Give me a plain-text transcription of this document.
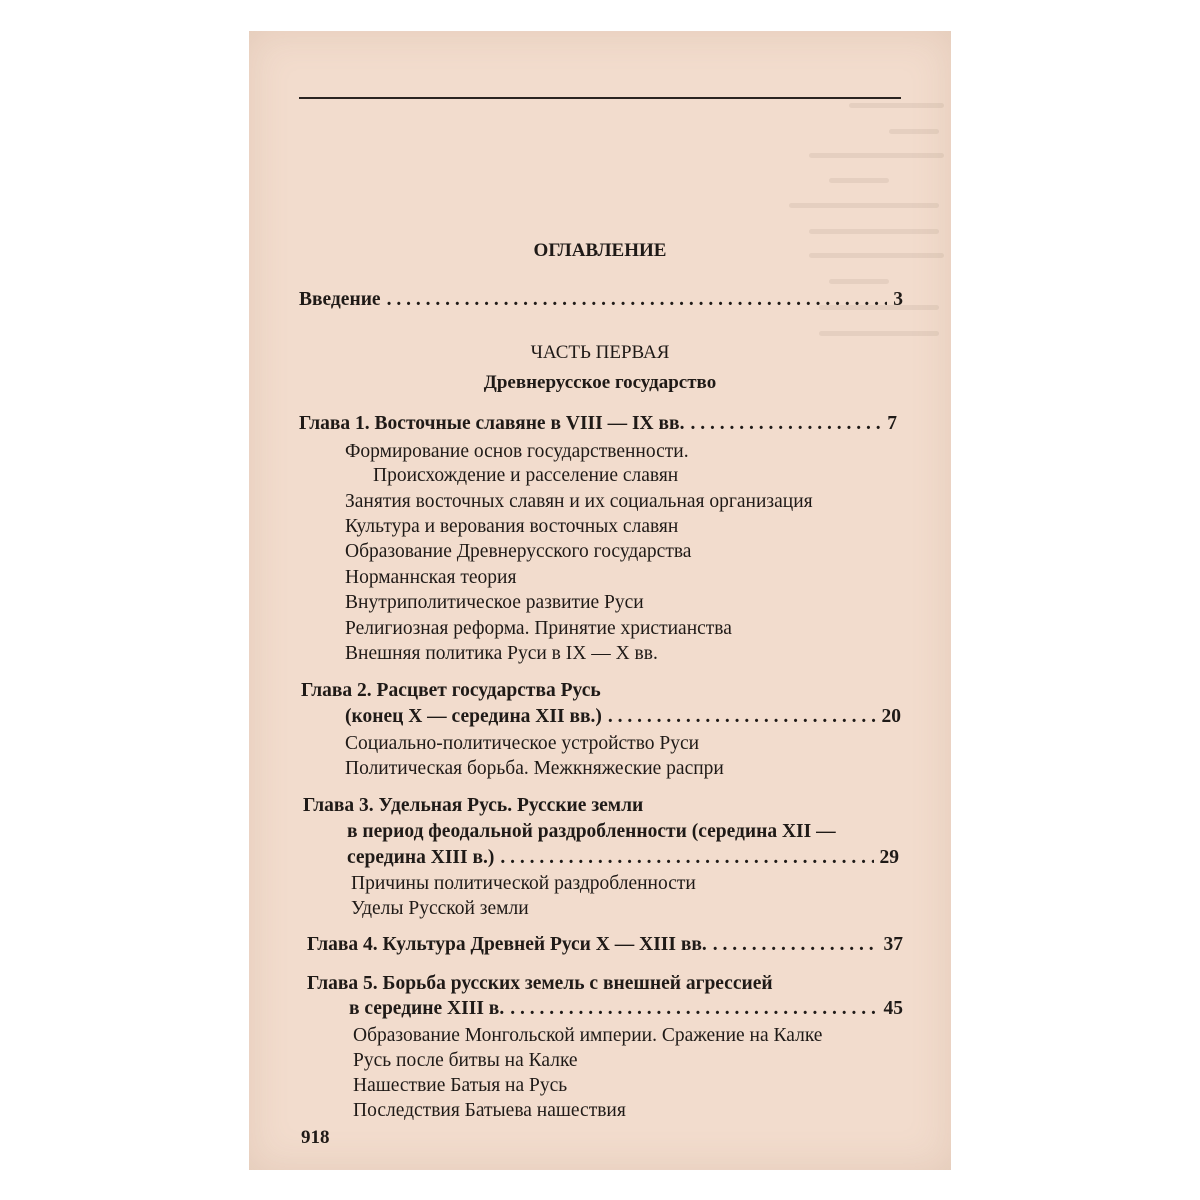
ОГЛАВЛЕНИЕ
Введение . . .	3
ЧАСТЬ ПЕРВАЯ
Древнерусское государство
Глава 1. Восточные славяне в VIII — IX вв. . . .	7
Формирование основ государственности.
Происхождение и расселение славян
Занятия восточных славян и их социальная организация
Культура и верования восточных славян
Образование Древнерусского государства
Норманнская теория
Внутриполитическое развитие Руси
Религиозная реформа. Принятие христианства
Внешняя политика Руси в IX — X вв.
Глава 2. Расцвет государства Русь
(конец X — середина XII вв.) . . .	20
Социально-политическое устройство Руси
Политическая борьба. Межкняжеские распри
Глава 3. Удельная Русь. Русские земли
в период феодальной раздробленности (середина XII —
середина XIII в.) . . .	29
Причины политической раздробленности
Уделы Русской земли
Глава 4. Культура Древней Руси X — XIII вв. . . .	37
Глава 5. Борьба русских земель с внешней агрессией
в середине XIII в. . . .	45
Образование Монгольской империи. Сражение на Калке
Русь после битвы на Калке
Нашествие Батыя на Русь
Последствия Батыева нашествия
918
